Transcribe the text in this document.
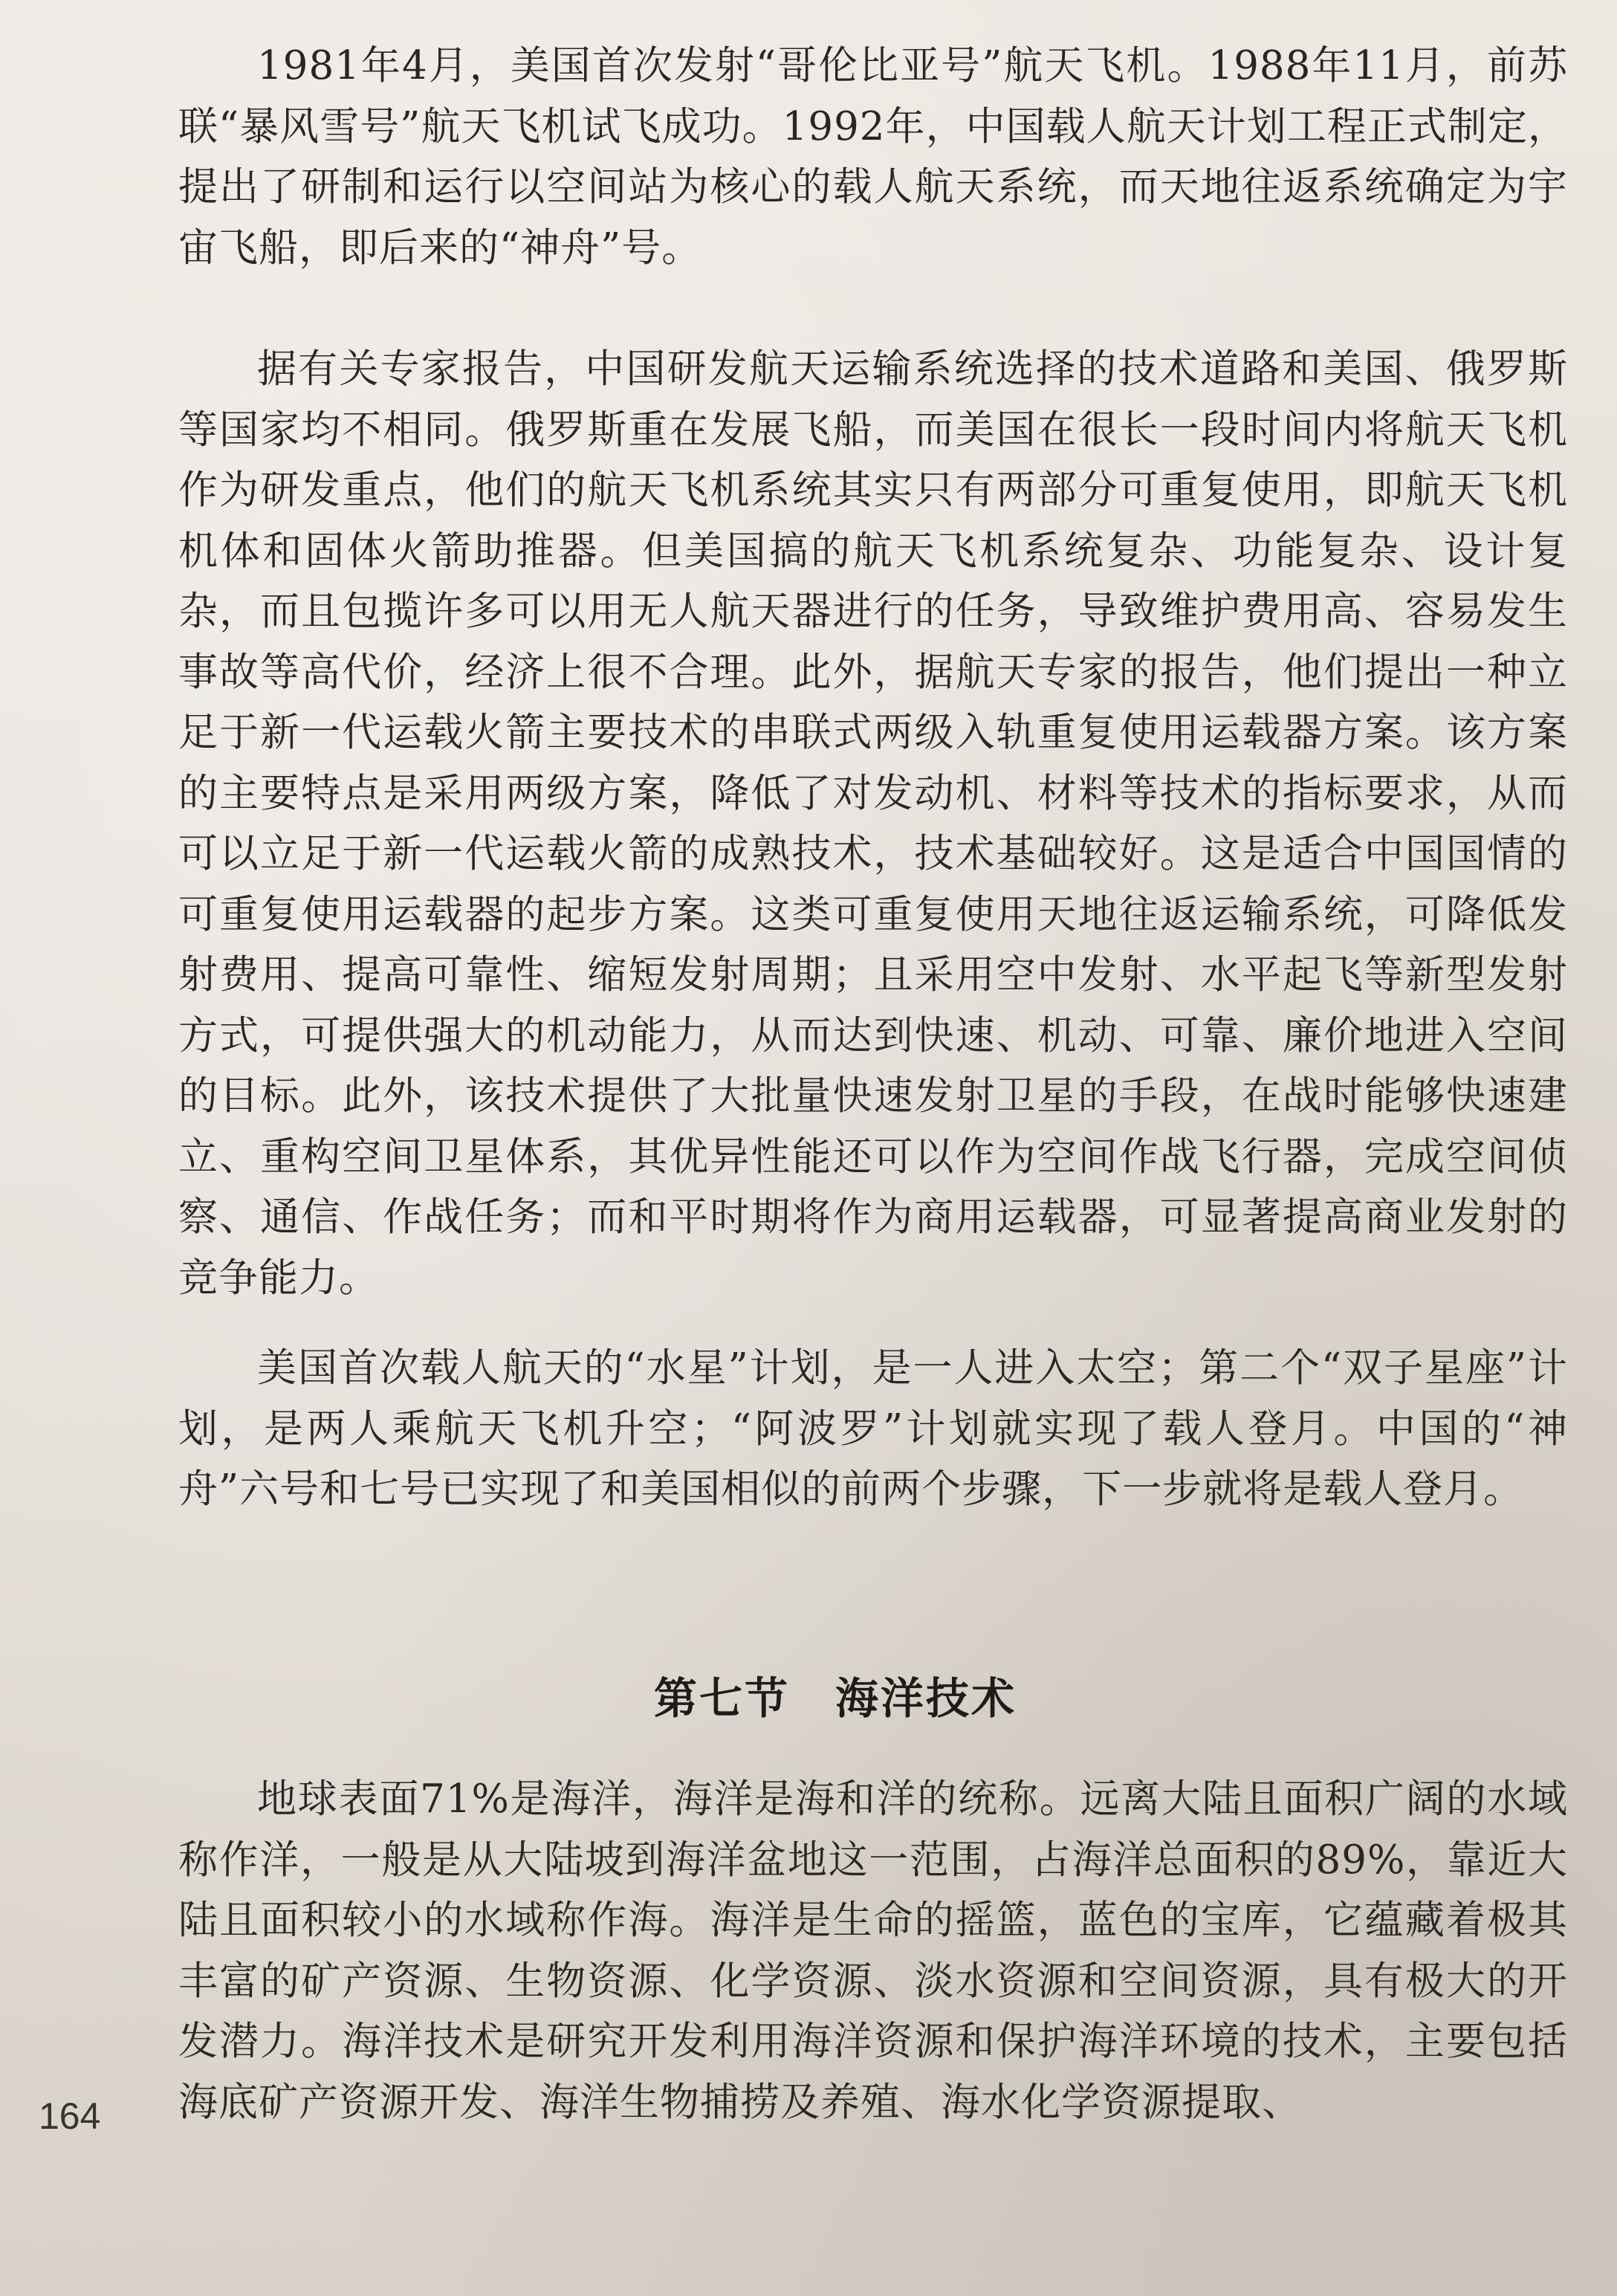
1981年4月，美国首次发射“哥伦比亚号”航天飞机。1988年11月，前苏联“暴风雪号”航天飞机试飞成功。1992年，中国载人航天计划工程正式制定，提出了研制和运行以空间站为核心的载人航天系统，而天地往返系统确定为宇宙飞船，即后来的“神舟”号。

据有关专家报告，中国研发航天运输系统选择的技术道路和美国、俄罗斯等国家均不相同。俄罗斯重在发展飞船，而美国在很长一段时间内将航天飞机作为研发重点，他们的航天飞机系统其实只有两部分可重复使用，即航天飞机机体和固体火箭助推器。但美国搞的航天飞机系统复杂、功能复杂、设计复杂，而且包揽许多可以用无人航天器进行的任务，导致维护费用高、容易发生事故等高代价，经济上很不合理。此外，据航天专家的报告，他们提出一种立足于新一代运载火箭主要技术的串联式两级入轨重复使用运载器方案。该方案的主要特点是采用两级方案，降低了对发动机、材料等技术的指标要求，从而可以立足于新一代运载火箭的成熟技术，技术基础较好。这是适合中国国情的可重复使用运载器的起步方案。这类可重复使用天地往返运输系统，可降低发射费用、提高可靠性、缩短发射周期；且采用空中发射、水平起飞等新型发射方式，可提供强大的机动能力，从而达到快速、机动、可靠、廉价地进入空间的目标。此外，该技术提供了大批量快速发射卫星的手段，在战时能够快速建立、重构空间卫星体系，其优异性能还可以作为空间作战飞行器，完成空间侦察、通信、作战任务；而和平时期将作为商用运载器，可显著提高商业发射的竞争能力。

美国首次载人航天的“水星”计划，是一人进入太空；第二个“双子星座”计划，是两人乘航天飞机升空；“阿波罗”计划就实现了载人登月。中国的“神舟”六号和七号已实现了和美国相似的前两个步骤，下一步就将是载人登月。

第七节　海洋技术

地球表面71%是海洋，海洋是海和洋的统称。远离大陆且面积广阔的水域称作洋，一般是从大陆坡到海洋盆地这一范围，占海洋总面积的89%，靠近大陆且面积较小的水域称作海。海洋是生命的摇篮，蓝色的宝库，它蕴藏着极其丰富的矿产资源、生物资源、化学资源、淡水资源和空间资源，具有极大的开发潜力。海洋技术是研究开发利用海洋资源和保护海洋环境的技术，主要包括海底矿产资源开发、海洋生物捕捞及养殖、海水化学资源提取、

164
